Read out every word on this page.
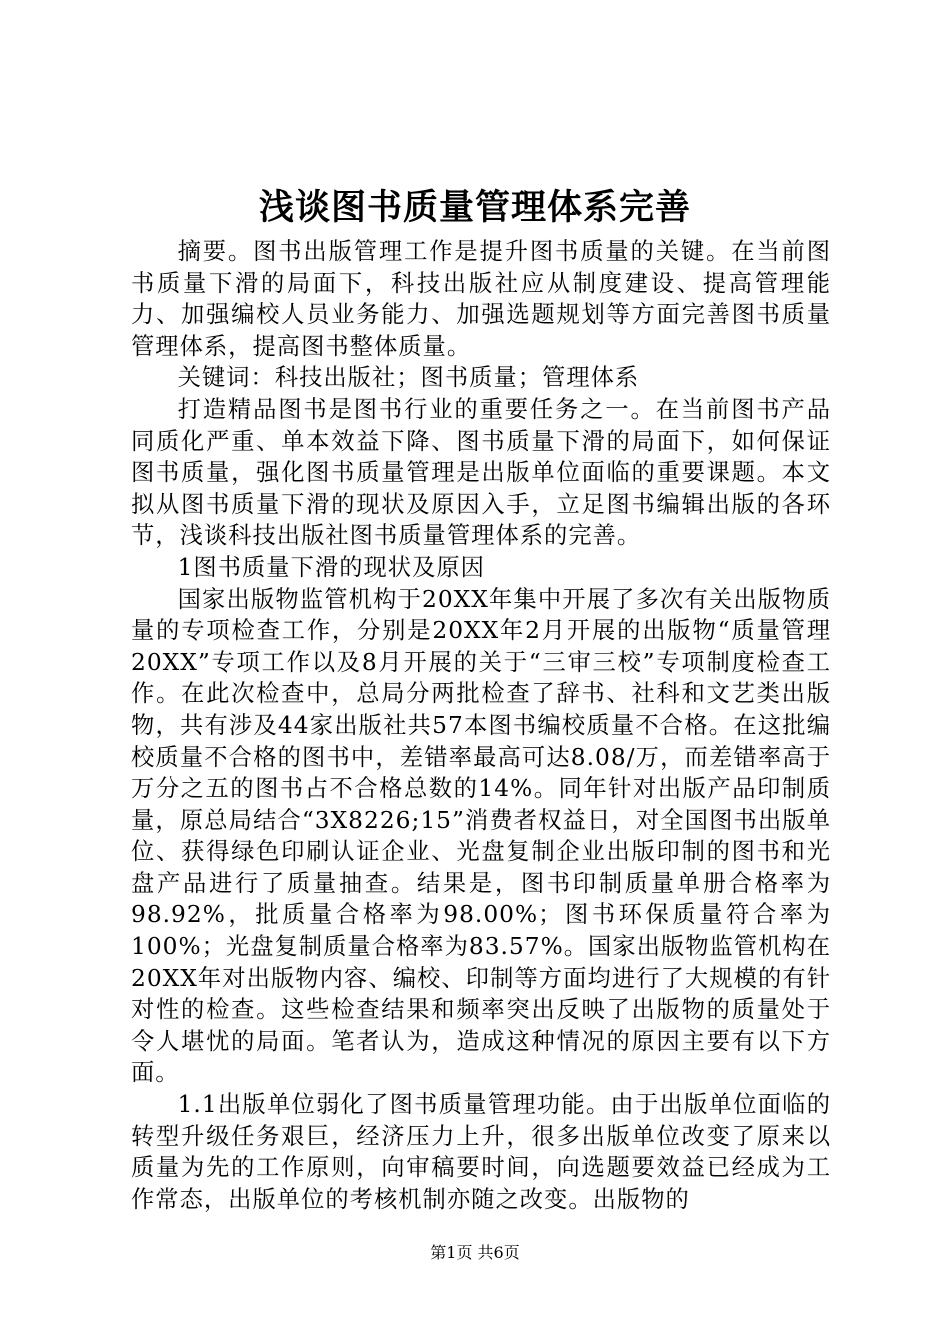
浅谈图书质量管理体系完善

摘要。图书出版管理工作是提升图书质量的关键。在当前图书质量下滑的局面下，科技出版社应从制度建设、提高管理能力、加强编校人员业务能力、加强选题规划等方面完善图书质量管理体系，提高图书整体质量。

关键词：科技出版社；图书质量；管理体系

打造精品图书是图书行业的重要任务之一。在当前图书产品同质化严重、单本效益下降、图书质量下滑的局面下，如何保证图书质量，强化图书质量管理是出版单位面临的重要课题。本文拟从图书质量下滑的现状及原因入手，立足图书编辑出版的各环节，浅谈科技出版社图书质量管理体系的完善。

1图书质量下滑的现状及原因

国家出版物监管机构于20XX年集中开展了多次有关出版物质量的专项检查工作，分别是20XX年2月开展的出版物“质量管理20XX”专项工作以及8月开展的关于“三审三校”专项制度检查工作。在此次检查中，总局分两批检查了辞书、社科和文艺类出版物，共有涉及44家出版社共57本图书编校质量不合格。在这批编校质量不合格的图书中，差错率最高可达8.08/万，而差错率高于万分之五的图书占不合格总数的14%。同年针对出版产品印制质量，原总局结合“3X8226;15”消费者权益日，对全国图书出版单位、获得绿色印刷认证企业、光盘复制企业出版印制的图书和光盘产品进行了质量抽查。结果是，图书印制质量单册合格率为98.92%，批质量合格率为98.00%；图书环保质量符合率为100%；光盘复制质量合格率为83.57%。国家出版物监管机构在20XX年对出版物内容、编校、印制等方面均进行了大规模的有针对性的检查。这些检查结果和频率突出反映了出版物的质量处于令人堪忧的局面。笔者认为，造成这种情况的原因主要有以下方面。

1.1出版单位弱化了图书质量管理功能。由于出版单位面临的转型升级任务艰巨，经济压力上升，很多出版单位改变了原来以质量为先的工作原则，向审稿要时间，向选题要效益已经成为工作常态，出版单位的考核机制亦随之改变。出版物的

第1页 共6页
